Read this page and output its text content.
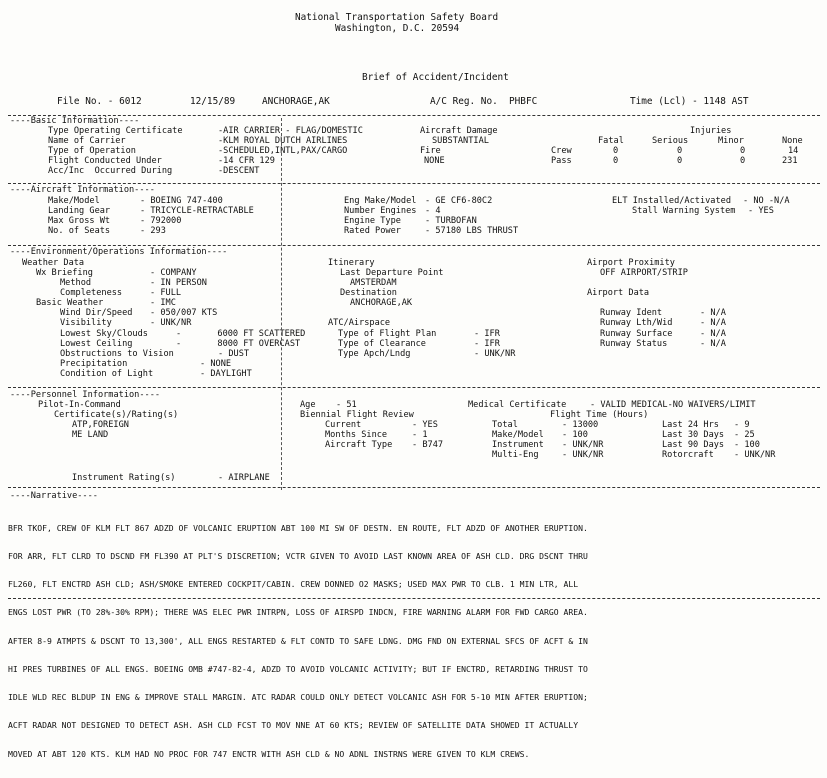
National Transportation Safety Board
Washington, D.C. 20594
Brief of Accident/Incident
File No. - 6012	12/15/89	ANCHORAGE,AK	A/C Reg. No.  PHBFC	Time (Lcl) - 1148 AST
----Basic Information----
Type Operating Certificate	-AIR CARRIER - FLAG/DOMESTIC
Name of Carrier	-KLM ROYAL DUTCH AIRLINES
Type of Operation	-SCHEDULED,INTL,PAX/CARGO
Flight Conducted Under	-14 CFR 129
Acc/Inc  Occurred During	-DESCENT
Aircraft Damage
SUBSTANTIAL
Fire
NONE
Injuries
Fatal	Serious	Minor	None
Crew	0	0	0	14
Pass	0	0	0	231
----Aircraft Information----
Make/Model	- BOEING 747-400
Landing Gear	- TRICYCLE-RETRACTABLE
Max Gross Wt	- 792000
No. of Seats	- 293
Eng Make/Model - GE CF6-80C2
Number Engines - 4
Engine Type	- TURBOFAN
Rated Power	- 57180 LBS THRUST
ELT Installed/Activated - NO -N/A
Stall Warning System - YES
----Environment/Operations Information----
Weather Data
Wx Briefing	- COMPANY
Method	- IN PERSON
Completeness	- FULL
Basic Weather	- IMC
Wind Dir/Speed - 050/007 KTS
Visibility	- UNK/NR
Lowest Sky/Clouds	-       6000 FT SCATTERED
Lowest Ceiling	-       8000 FT OVERCAST
Obstructions to Vision	- DUST
Precipitation	- NONE
Condition of Light	- DAYLIGHT
Itinerary
Last Departure Point
AMSTERDAM
Destination
ANCHORAGE,AK
ATC/Airspace
Type of Flight Plan	- IFR
Type of Clearance	- IFR
Type Apch/Lndg	- UNK/NR
Airport Proximity
OFF AIRPORT/STRIP
Airport Data
Runway Ident	- N/A
Runway Lth/Wid	- N/A
Runway Surface	- N/A
Runway Status	- N/A
----Personnel Information----
Pilot-In-Command
Certificate(s)/Rating(s)
ATP,FOREIGN
ME LAND
Instrument Rating(s)	- AIRPLANE
Age - 51
Biennial Flight Review
Current	- YES
Months Since	- 1
Aircraft Type - B747
Medical Certificate	- VALID MEDICAL-NO WAIVERS/LIMIT
Flight Time (Hours)
Total	- 13000
Make/Model - 100
Instrument - UNK/NR
Multi-Eng	- UNK/NR
Last 24 Hrs - 9
Last 30 Days - 25
Last 90 Days - 100
Rotorcraft - UNK/NR
----Narrative----

BFR TKOF, CREW OF KLM FLT 867 ADZD OF VOLCANIC ERUPTION ABT 100 MI SW OF DESTN. EN ROUTE, FLT ADZD OF ANOTHER ERUPTION.

FOR ARR, FLT CLRD TO DSCND FM FL390 AT PLT'S DISCRETION; VCTR GIVEN TO AVOID LAST KNOWN AREA OF ASH CLD. DRG DSCNT THRU

FL260, FLT ENCTRD ASH CLD; ASH/SMOKE ENTERED COCKPIT/CABIN. CREW DONNED O2 MASKS; USED MAX PWR TO CLB. 1 MIN LTR, ALL

ENGS LOST PWR (TO 28%-30% RPM); THERE WAS ELEC PWR INTRPN, LOSS OF AIRSPD INDCN, FIRE WARNING ALARM FOR FWD CARGO AREA.

AFTER 8-9 ATMPTS & DSCNT TO 13,300', ALL ENGS RESTARTED & FLT CONTD TO SAFE LDNG. DMG FND ON EXTERNAL SFCS OF ACFT & IN

HI PRES TURBINES OF ALL ENGS. BOEING OMB #747-82-4, ADZD TO AVOID VOLCANIC ACTIVITY; BUT IF ENCTRD, RETARDING THRUST TO

IDLE WLD REC BLDUP IN ENG & IMPROVE STALL MARGIN. ATC RADAR COULD ONLY DETECT VOLCANIC ASH FOR 5-10 MIN AFTER ERUPTION;

ACFT RADAR NOT DESIGNED TO DETECT ASH. ASH CLD FCST TO MOV NNE AT 60 KTS; REVIEW OF SATELLITE DATA SHOWED IT ACTUALLY

MOVED AT ABT 120 KTS. KLM HAD NO PROC FOR 747 ENCTR WITH ASH CLD & NO ADNL INSTRNS WERE GIVEN TO KLM CREWS.
